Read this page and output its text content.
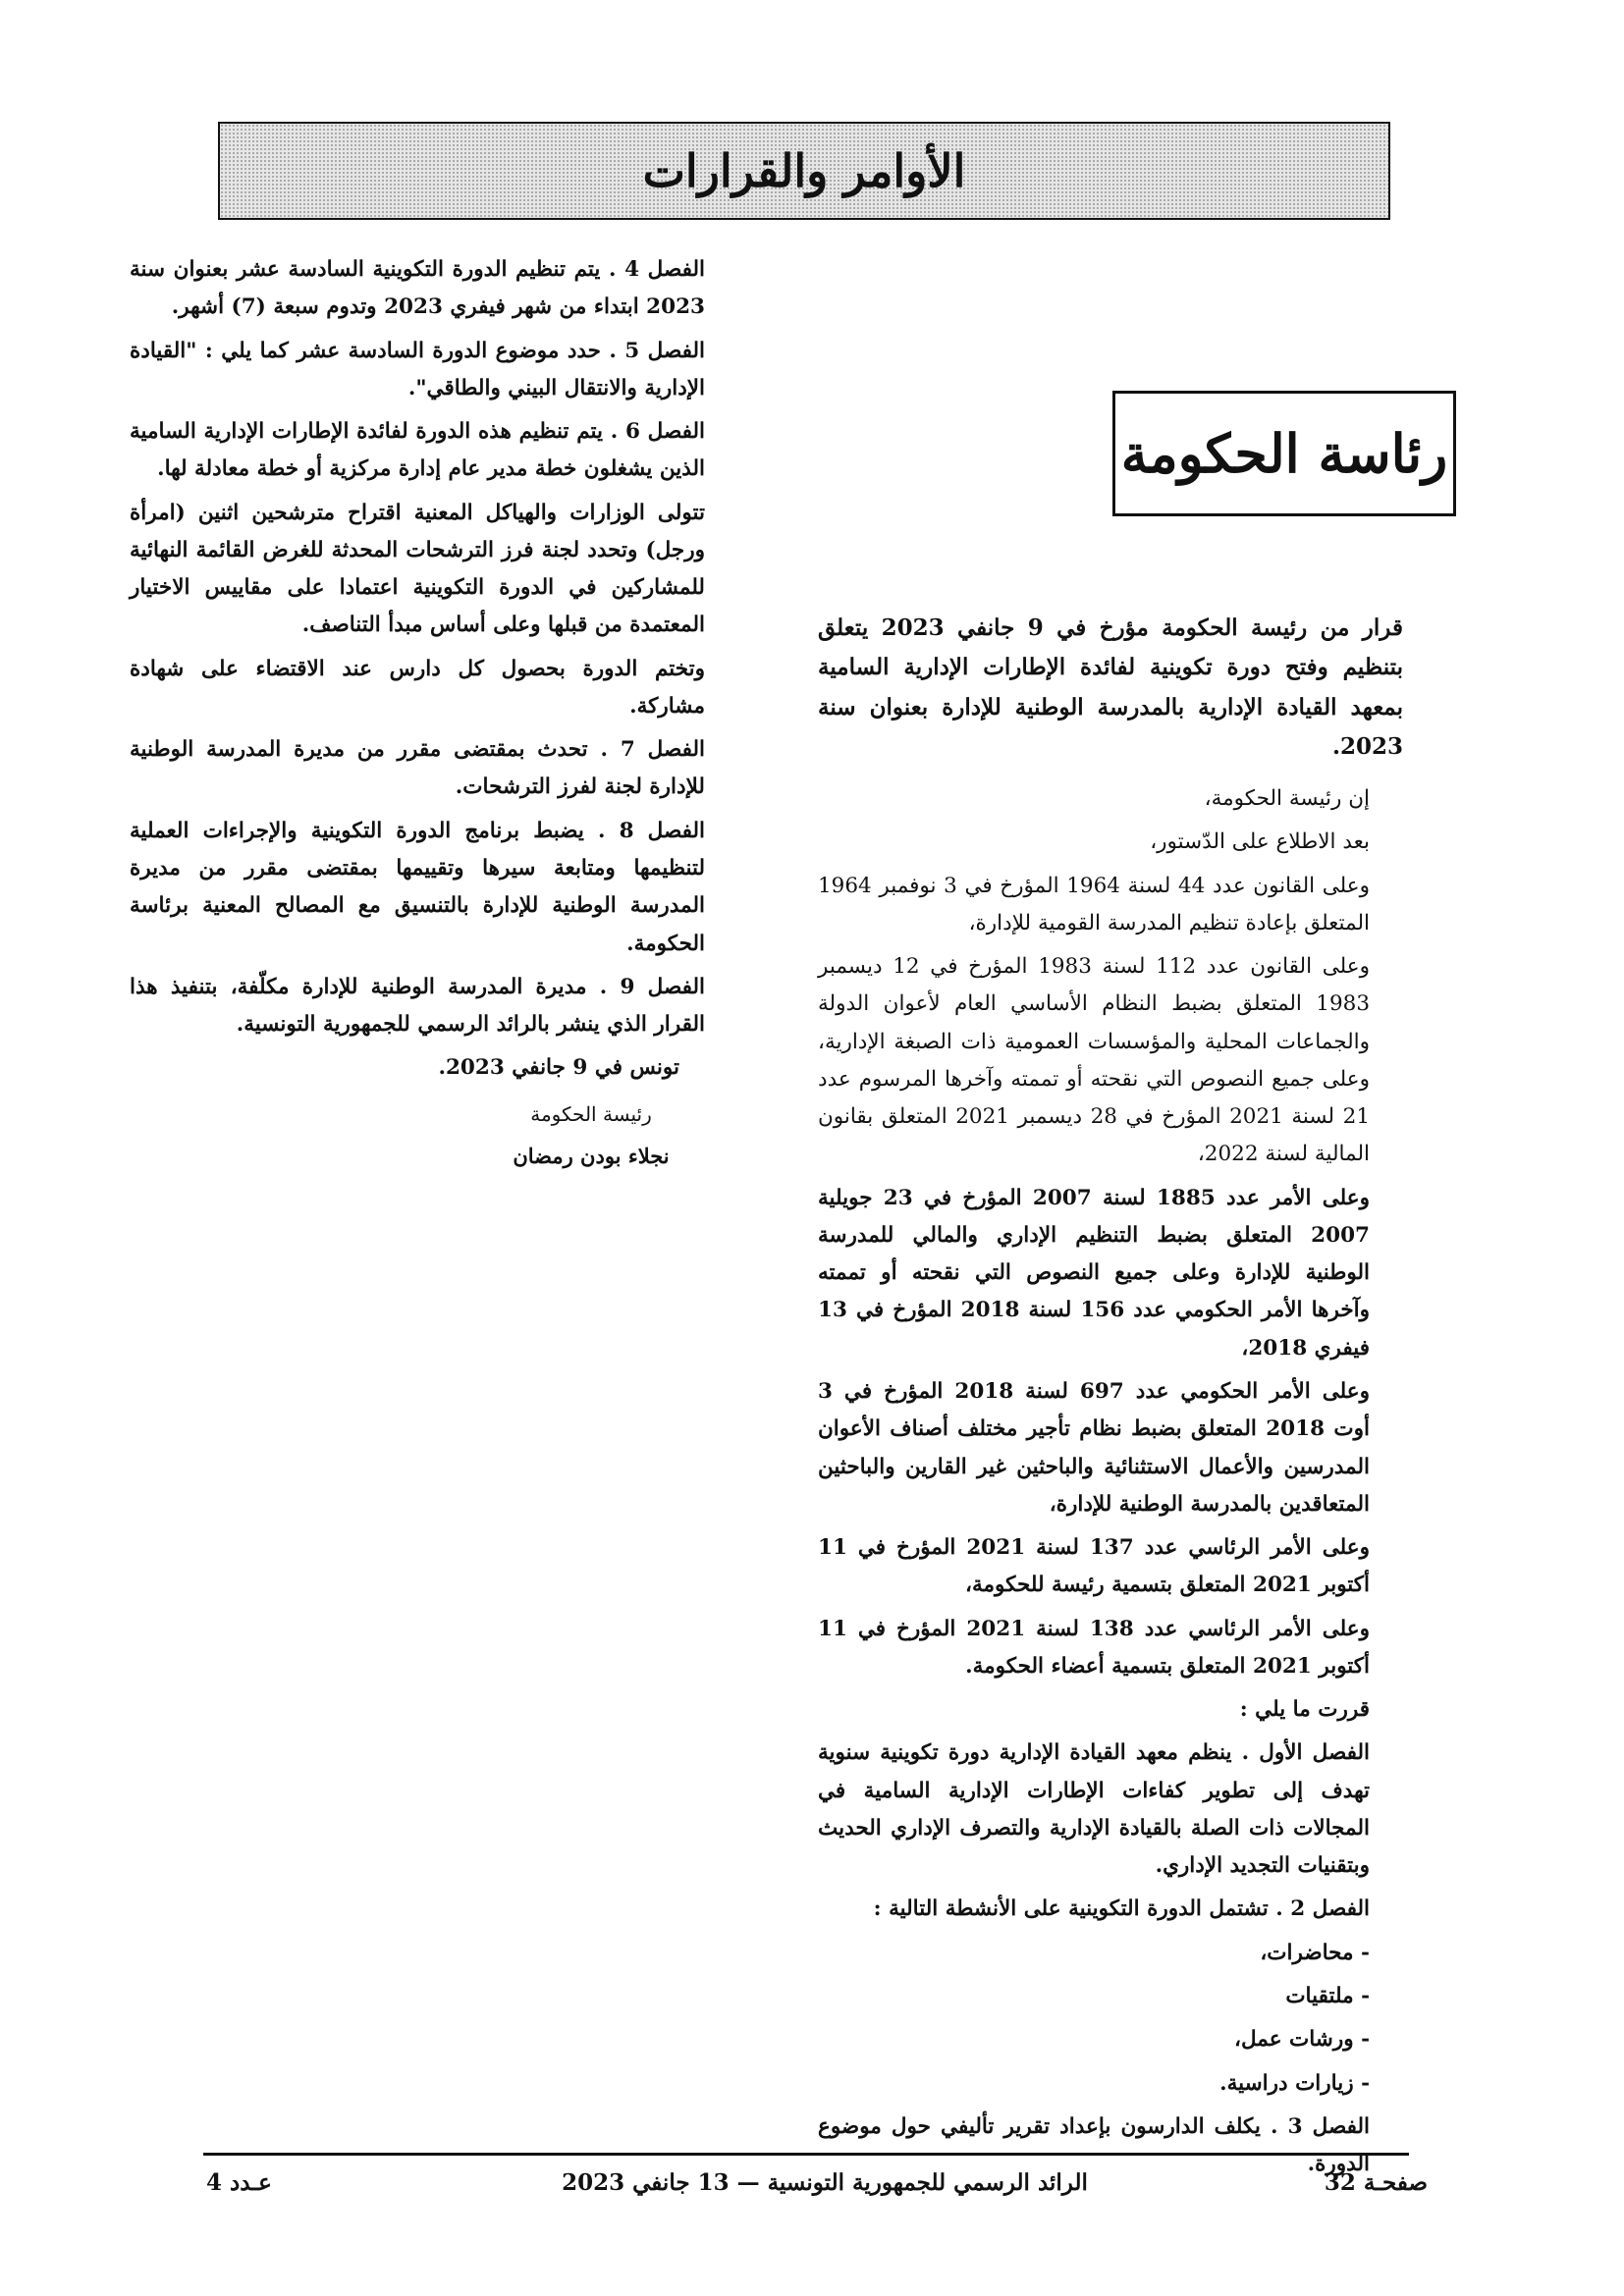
الأوامر والقرارات
رئاسة الحكومة

قرار من رئيسة الحكومة مؤرخ في 9 جانفي 2023 يتعلق بتنظيم وفتح دورة تكوينية لفائدة الإطارات الإدارية السامية بمعهد القيادة الإدارية بالمدرسة الوطنية للإدارة بعنوان سنة 2023.

إن رئيسة الحكومة،

بعد الاطلاع على الدّستور،

وعلى القانون عدد 44 لسنة 1964 المؤرخ في 3 نوفمبر 1964 المتعلق بإعادة تنظيم المدرسة القومية للإدارة،

وعلى القانون عدد 112 لسنة 1983 المؤرخ في 12 ديسمبر 1983 المتعلق بضبط النظام الأساسي العام لأعوان الدولة والجماعات المحلية والمؤسسات العمومية ذات الصبغة الإدارية، وعلى جميع النصوص التي نقحته أو تممته وآخرها المرسوم عدد 21 لسنة 2021 المؤرخ في 28 ديسمبر 2021 المتعلق بقانون المالية لسنة 2022،

وعلى الأمر عدد 1885 لسنة 2007 المؤرخ في 23 جويلية 2007 المتعلق بضبط التنظيم الإداري والمالي للمدرسة الوطنية للإدارة وعلى جميع النصوص التي نقحته أو تممته وآخرها الأمر الحكومي عدد 156 لسنة 2018 المؤرخ في 13 فيفري 2018،

وعلى الأمر الحكومي عدد 697 لسنة 2018 المؤرخ في 3 أوت 2018 المتعلق بضبط نظام تأجير مختلف أصناف الأعوان المدرسين والأعمال الاستثنائية والباحثين غير القارين والباحثين المتعاقدين بالمدرسة الوطنية للإدارة،

وعلى الأمر الرئاسي عدد 137 لسنة 2021 المؤرخ في 11 أكتوبر 2021 المتعلق بتسمية رئيسة للحكومة،

وعلى الأمر الرئاسي عدد 138 لسنة 2021 المؤرخ في 11 أكتوبر 2021 المتعلق بتسمية أعضاء الحكومة.

قررت ما يلي :

الفصل الأول . ينظم معهد القيادة الإدارية دورة تكوينية سنوية تهدف إلى تطوير كفاءات الإطارات الإدارية السامية في المجالات ذات الصلة بالقيادة الإدارية والتصرف الإداري الحديث وبتقنيات التجديد الإداري.

الفصل 2 . تشتمل الدورة التكوينية على الأنشطة التالية :

- محاضرات،

- ملتقيات

- ورشات عمل،

- زيارات دراسية.

الفصل 3 . يكلف الدارسون بإعداد تقرير تأليفي حول موضوع الدورة.

الفصل 4 . يتم تنظيم الدورة التكوينية السادسة عشر بعنوان سنة 2023 ابتداء من شهر فيفري 2023 وتدوم سبعة (7) أشهر.

الفصل 5 . حدد موضوع الدورة السادسة عشر كما يلي : "القيادة الإدارية والانتقال البيني والطاقي".

الفصل 6 . يتم تنظيم هذه الدورة لفائدة الإطارات الإدارية السامية الذين يشغلون خطة مدير عام إدارة مركزية أو خطة معادلة لها.

تتولى الوزارات والهياكل المعنية اقتراح مترشحين اثنين (امرأة ورجل) وتحدد لجنة فرز الترشحات المحدثة للغرض القائمة النهائية للمشاركين في الدورة التكوينية اعتمادا على مقاييس الاختيار المعتمدة من قبلها وعلى أساس مبدأ التناصف.

وتختم الدورة بحصول كل دارس عند الاقتضاء على شهادة مشاركة.

الفصل 7 . تحدث بمقتضى مقرر من مديرة المدرسة الوطنية للإدارة لجنة لفرز الترشحات.

الفصل 8 . يضبط برنامج الدورة التكوينية والإجراءات العملية لتنظيمها ومتابعة سيرها وتقييمها بمقتضى مقرر من مديرة المدرسة الوطنية للإدارة بالتنسيق مع المصالح المعنية برئاسة الحكومة.

الفصل 9 . مديرة المدرسة الوطنية للإدارة مكلّفة، بتنفيذ هذا القرار الذي ينشر بالرائد الرسمي للجمهورية التونسية.

تونس في 9 جانفي 2023.

رئيسة الحكومة

نجلاء بودن رمضان

صفحـة 32
الرائد الرسمي للجمهورية التونسية — 13 جانفي 2023
عـدد 4
